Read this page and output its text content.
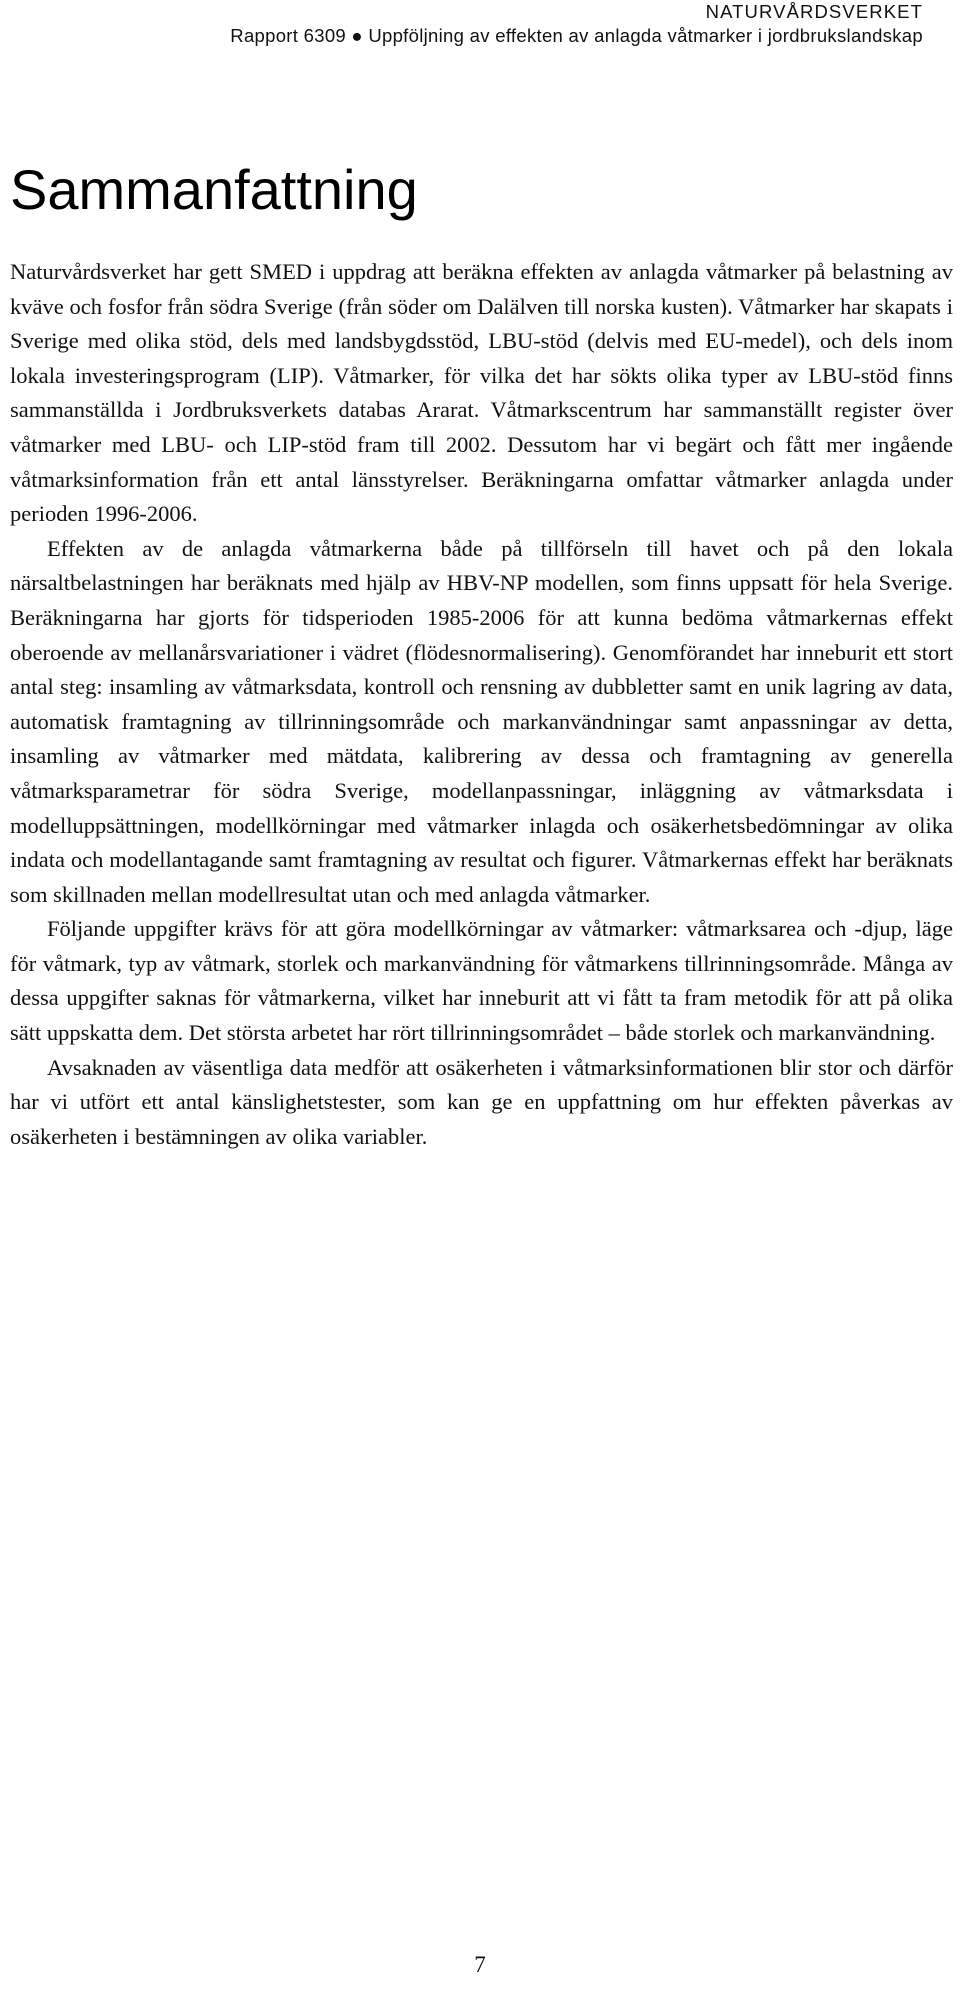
NATURVÅRDSVERKET
Rapport 6309 ● Uppföljning av effekten av anlagda våtmarker i jordbrukslandskap
Sammanfattning

Naturvårdsverket har gett SMED i uppdrag att beräkna effekten av anlagda våtmarker på belastning av kväve och fosfor från södra Sverige (från söder om Dalälven till norska kusten). Våtmarker har skapats i Sverige med olika stöd, dels med landsbygdsstöd, LBU-stöd (delvis med EU-medel), och dels inom lokala investeringsprogram (LIP). Våtmarker, för vilka det har sökts olika typer av LBU-stöd finns sammanställda i Jordbruksverkets databas Ararat. Våtmarkscentrum har sammanställt register över våtmarker med LBU- och LIP-stöd fram till 2002. Dessutom har vi begärt och fått mer ingående våtmarksinformation från ett antal länsstyrelser. Beräkningarna omfattar våtmarker anlagda under perioden 1996-2006.

Effekten av de anlagda våtmarkerna både på tillförseln till havet och på den lokala närsaltbelastningen har beräknats med hjälp av HBV-NP modellen, som finns uppsatt för hela Sverige. Beräkningarna har gjorts för tidsperioden 1985-2006 för att kunna bedöma våtmarkernas effekt oberoende av mellanårsvariationer i vädret (flödesnormalisering). Genomförandet har inneburit ett stort antal steg: insamling av våtmarksdata, kontroll och rensning av dubbletter samt en unik lagring av data, automatisk framtagning av tillrinningsområde och markanvändningar samt anpassningar av detta, insamling av våtmarker med mätdata, kalibrering av dessa och framtagning av generella våtmarksparametrar för södra Sverige, modellanpassningar, inläggning av våtmarksdata i modelluppsättningen, modellkörningar med våtmarker inlagda och osäkerhetsbedömningar av olika indata och modellantagande samt framtagning av resultat och figurer. Våtmarkernas effekt har beräknats som skillnaden mellan modellresultat utan och med anlagda våtmarker.

Följande uppgifter krävs för att göra modellkörningar av våtmarker: våtmarksarea och -djup, läge för våtmark, typ av våtmark, storlek och markanvändning för våtmarkens tillrinningsområde. Många av dessa uppgifter saknas för våtmarkerna, vilket har inneburit att vi fått ta fram metodik för att på olika sätt uppskatta dem. Det största arbetet har rört tillrinningsområdet – både storlek och markanvändning.

Avsaknaden av väsentliga data medför att osäkerheten i våtmarksinformationen blir stor och därför har vi utfört ett antal känslighetstester, som kan ge en uppfattning om hur effekten påverkas av osäkerheten i bestämningen av olika variabler.

7
